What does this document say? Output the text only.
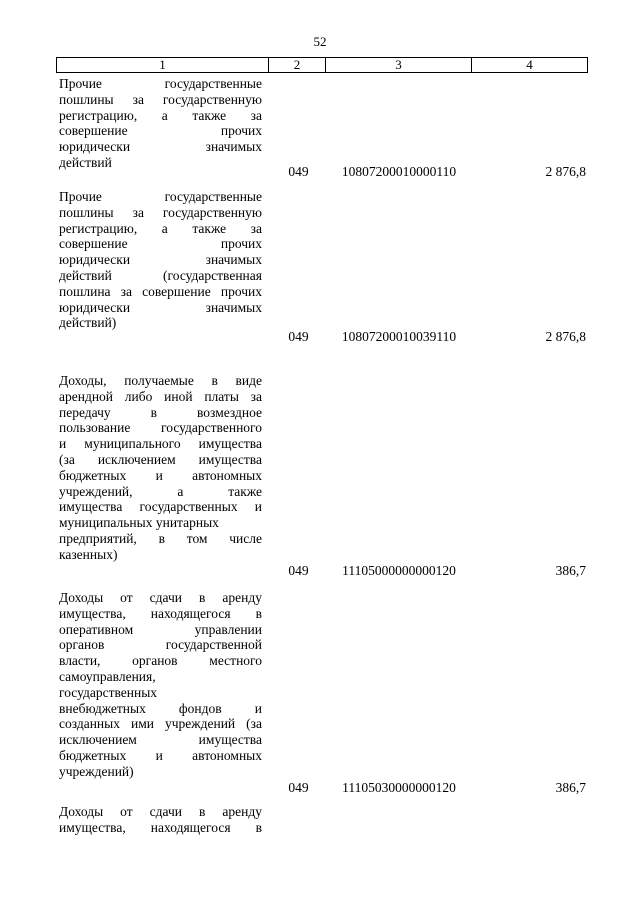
52
1	2	3	4
Прочие государственные
пошлины за государственную
регистрацию, а также за
совершение прочих
юридически значимых
действий
049	10807200010000110	2 876,8
Прочие государственные
пошлины за государственную
регистрацию, а также за
совершение прочих
юридически значимых
действий (государственная
пошлина за совершение прочих
юридически значимых
действий)
049	10807200010039110	2 876,8
Доходы, получаемые в виде
арендной либо иной платы за
передачу в возмездное
пользование государственного
и муниципального имущества
(за исключением имущества
бюджетных и автономных
учреждений, а также
имущества государственных и
муниципальных унитарных
предприятий, в том числе
казенных)
049	11105000000000120	386,7
Доходы от сдачи в аренду
имущества, находящегося в
оперативном управлении
органов государственной
власти, органов местного
самоуправления,
государственных
внебюджетных фондов и
созданных ими учреждений (за
исключением имущества
бюджетных и автономных
учреждений)
049	11105030000000120	386,7
Доходы от сдачи в аренду
имущества, находящегося в
